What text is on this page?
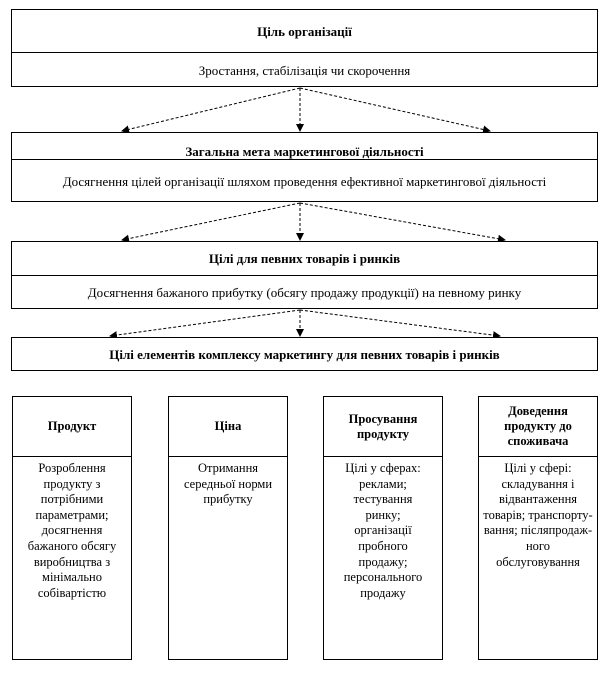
Ціль організації
Зростання, стабілізація чи скорочення
Загальна мета маркетингової діяльності
Досягнення цілей організації шляхом проведення ефективної маркетингової діяльності
Цілі для певних товарів і ринків
Досягнення бажаного прибутку (обсягу продажу продукції) на певному ринку
Цілі елементів комплексу маркетингу для певних товарів і ринків
Продукт
Розроблення продукту з потрібними параметрами; досягнення бажаного обсягу виробництва з мінімально собівартістю
Ціна
Отримання середньої норми прибутку
Просування продукту
Цілі у сферах: реклами; тестування ринку; організації пробного продажу; персонального продажу
Доведення продукту до споживача
Цілі у сфері: складування і відвантаження товарів; транспорту-вання; післяпродаж-ного обслуговування
